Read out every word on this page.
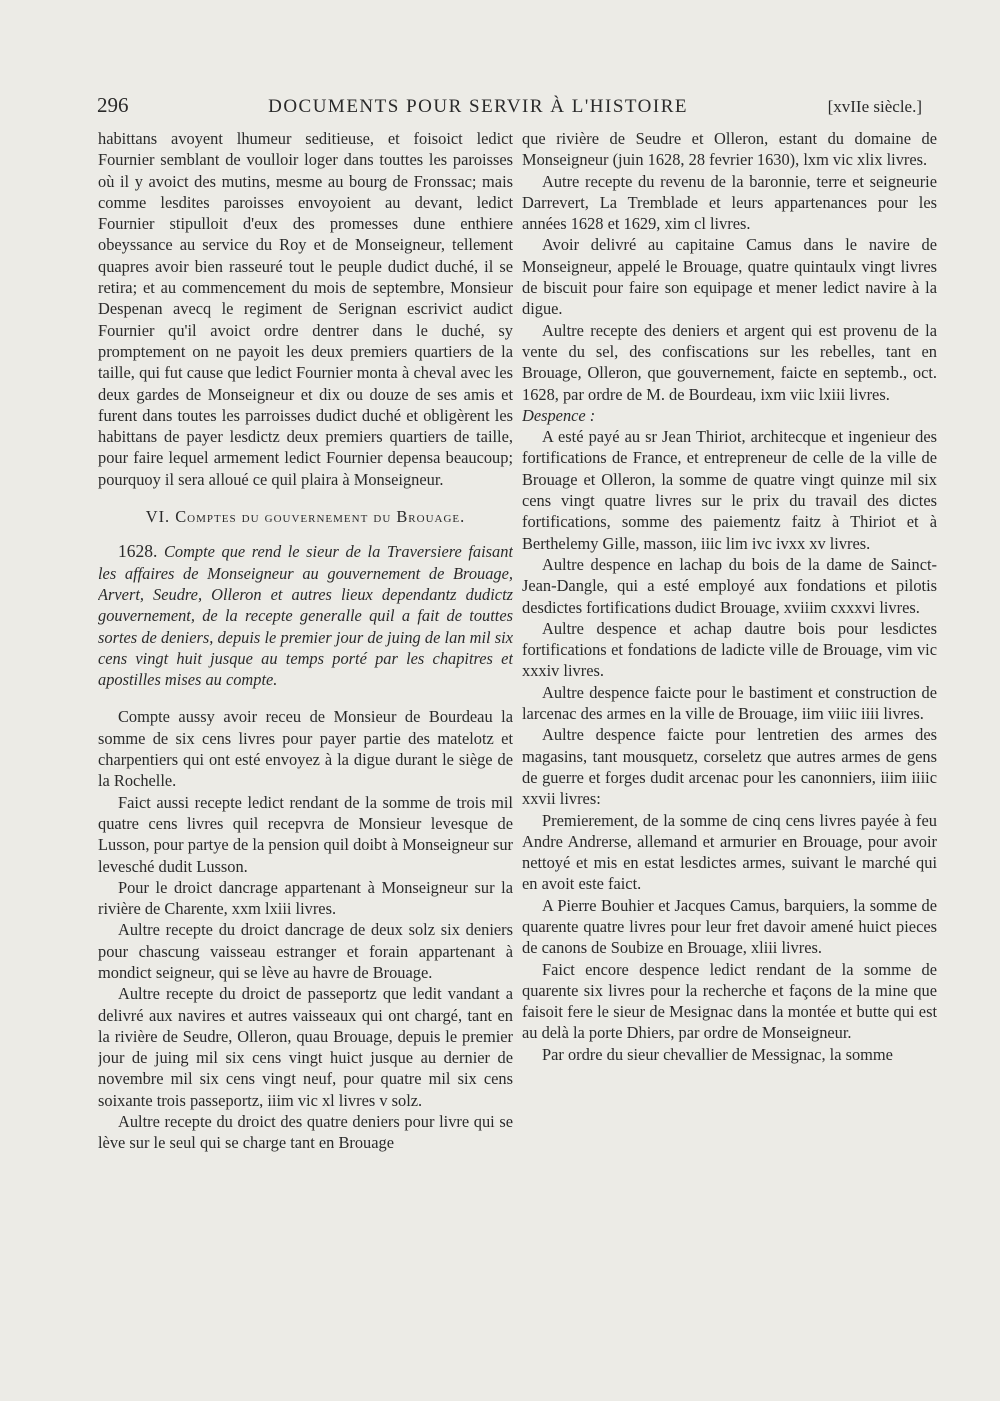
296	DOCUMENTS POUR SERVIR À L'HISTOIRE	[xvIIe siècle.]

habittans avoyent lhumeur seditieuse, et foisoict ledict Fournier semblant de voulloir loger dans touttes les paroisses où il y avoict des mutins, mesme au bourg de Fronssac; mais comme lesdites paroisses envoyoient au devant, ledict Fournier stipulloit d'eux des promesses dune enthiere obeyssance au service du Roy et de Monseigneur, tellement quapres avoir bien rasseuré tout le peuple dudict duché, il se retira; et au commencement du mois de septembre, Monsieur Despenan avecq le regiment de Serignan escrivict audict Fournier qu'il avoict ordre dentrer dans le duché, sy promptement on ne payoit les deux premiers quartiers de la taille, qui fut cause que ledict Fournier monta à cheval avec les deux gardes de Monseigneur et dix ou douze de ses amis et furent dans toutes les parroisses dudict duché et obligèrent les habittans de payer lesdictz deux premiers quartiers de taille, pour faire lequel armement ledict Fournier depensa beaucoup; pourquoy il sera alloué ce quil plaira à Monseigneur.

VI. Comptes du gouvernement du Brouage.

1628. Compte que rend le sieur de la Traversiere faisant les affaires de Monseigneur au gouvernement de Brouage, Arvert, Seudre, Olleron et autres lieux dependantz dudictz gouvernement, de la recepte generalle quil a fait de touttes sortes de deniers, depuis le premier jour de juing de lan mil six cens vingt huit jusque au temps porté par les chapitres et apostilles mises au compte.

Compte aussy avoir receu de Monsieur de Bourdeau la somme de six cens livres pour payer partie des matelotz et charpentiers qui ont esté envoyez à la digue durant le siège de la Rochelle.

Faict aussi recepte ledict rendant de la somme de trois mil quatre cens livres quil recepvra de Monsieur levesque de Lusson, pour partye de la pension quil doibt à Monseigneur sur levesché dudit Lusson.

Pour le droict dancrage appartenant à Monseigneur sur la rivière de Charente, xxm lxiii livres.

Aultre recepte du droict dancrage de deux solz six deniers pour chascung vaisseau estranger et forain appartenant à mondict seigneur, qui se lève au havre de Brouage.

Aultre recepte du droict de passeportz que ledit vandant a delivré aux navires et autres vaisseaux qui ont chargé, tant en la rivière de Seudre, Olleron, quau Brouage, depuis le premier jour de juing mil six cens vingt huict jusque au dernier de novembre mil six cens vingt neuf, pour quatre mil six cens soixante trois passeportz, iiim vic xl livres v solz.

Aultre recepte du droict des quatre deniers pour livre qui se lève sur le seul qui se charge tant en Brouage

que rivière de Seudre et Olleron, estant du domaine de Monseigneur (juin 1628, 28 fevrier 1630), lxm vic xlix livres.

Autre recepte du revenu de la baronnie, terre et seigneurie Darrevert, La Tremblade et leurs appartenances pour les années 1628 et 1629, xim cl livres.

Avoir delivré au capitaine Camus dans le navire de Monseigneur, appelé le Brouage, quatre quintaulx vingt livres de biscuit pour faire son equipage et mener ledict navire à la digue.

Aultre recepte des deniers et argent qui est provenu de la vente du sel, des confiscations sur les rebelles, tant en Brouage, Olleron, que gouvernement, faicte en septemb., oct. 1628, par ordre de M. de Bourdeau, ixm viic lxiii livres.

Despence :

A esté payé au sr Jean Thiriot, architecque et ingenieur des fortifications de France, et entrepreneur de celle de la ville de Brouage et Olleron, la somme de quatre vingt quinze mil six cens vingt quatre livres sur le prix du travail des dictes fortifications, somme des paiementz faitz à Thiriot et à Berthelemy Gille, masson, iiic lim ivc ivxx xv livres.

Aultre despence en lachap du bois de la dame de Sainct-Jean-Dangle, qui a esté employé aux fondations et pilotis desdictes fortifications dudict Brouage, xviiim cxxxvi livres.

Aultre despence et achap dautre bois pour lesdictes fortifications et fondations de ladicte ville de Brouage, vim vic xxxiv livres.

Aultre despence faicte pour le bastiment et construction de larcenac des armes en la ville de Brouage, iim viiic iiii livres.

Aultre despence faicte pour lentretien des armes des magasins, tant mousquetz, corseletz que autres armes de gens de guerre et forges dudit arcenac pour les canonniers, iiim iiiic xxvii livres:

Premierement, de la somme de cinq cens livres payée à feu Andre Andrerse, allemand et armurier en Brouage, pour avoir nettoyé et mis en estat lesdictes armes, suivant le marché qui en avoit este faict.

A Pierre Bouhier et Jacques Camus, barquiers, la somme de quarente quatre livres pour leur fret davoir amené huict pieces de canons de Soubize en Brouage, xliii livres.

Faict encore despence ledict rendant de la somme de quarente six livres pour la recherche et façons de la mine que faisoit fere le sieur de Mesignac dans la montée et butte qui est au delà la porte Dhiers, par ordre de Monseigneur.

Par ordre du sieur chevallier de Messignac, la somme
